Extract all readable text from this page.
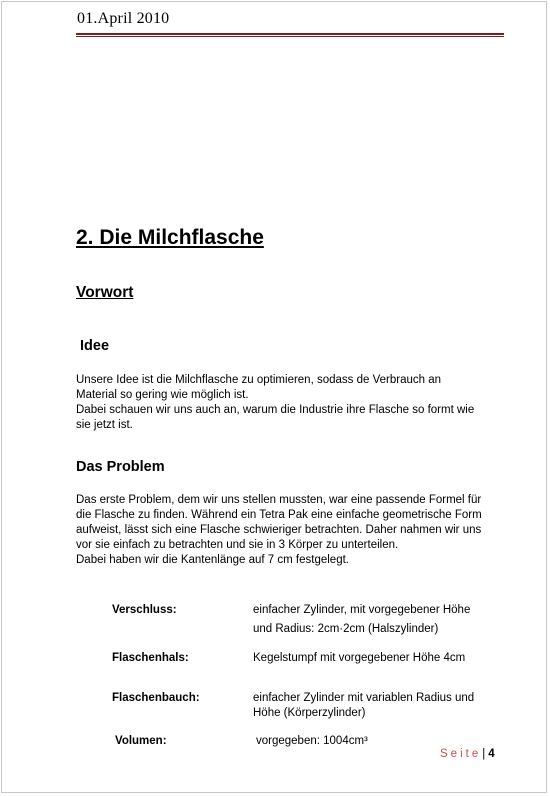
01.April 2010
2. Die Milchflasche
Vorwort
Idee
Unsere Idee ist die Milchflasche zu optimieren, sodass de Verbrauch an
Material so gering wie möglich ist.
Dabei schauen wir uns auch an, warum die Industrie ihre Flasche so formt wie
sie jetzt ist.
Das Problem
Das erste Problem, dem wir uns stellen mussten, war eine passende Formel für
die Flasche zu finden. Während ein Tetra Pak eine einfache geometrische Form
aufweist, lässt sich eine Flasche schwieriger betrachten. Daher nahmen wir uns
vor sie einfach zu betrachten und sie in 3 Körper zu unterteilen.
Dabei haben wir die Kantenlänge auf 7 cm festgelegt.
Verschluss:	einfacher Zylinder, mit vorgegebener Höhe
und Radius: 2cm·2cm (Halszylinder)
Flaschenhals:	Kegelstumpf mit vorgegebener Höhe 4cm
Flaschenbauch:	einfacher Zylinder mit variablen Radius und
Höhe (Körperzylinder)
Volumen:	vorgegeben: 1004cm³
Seite| 4
